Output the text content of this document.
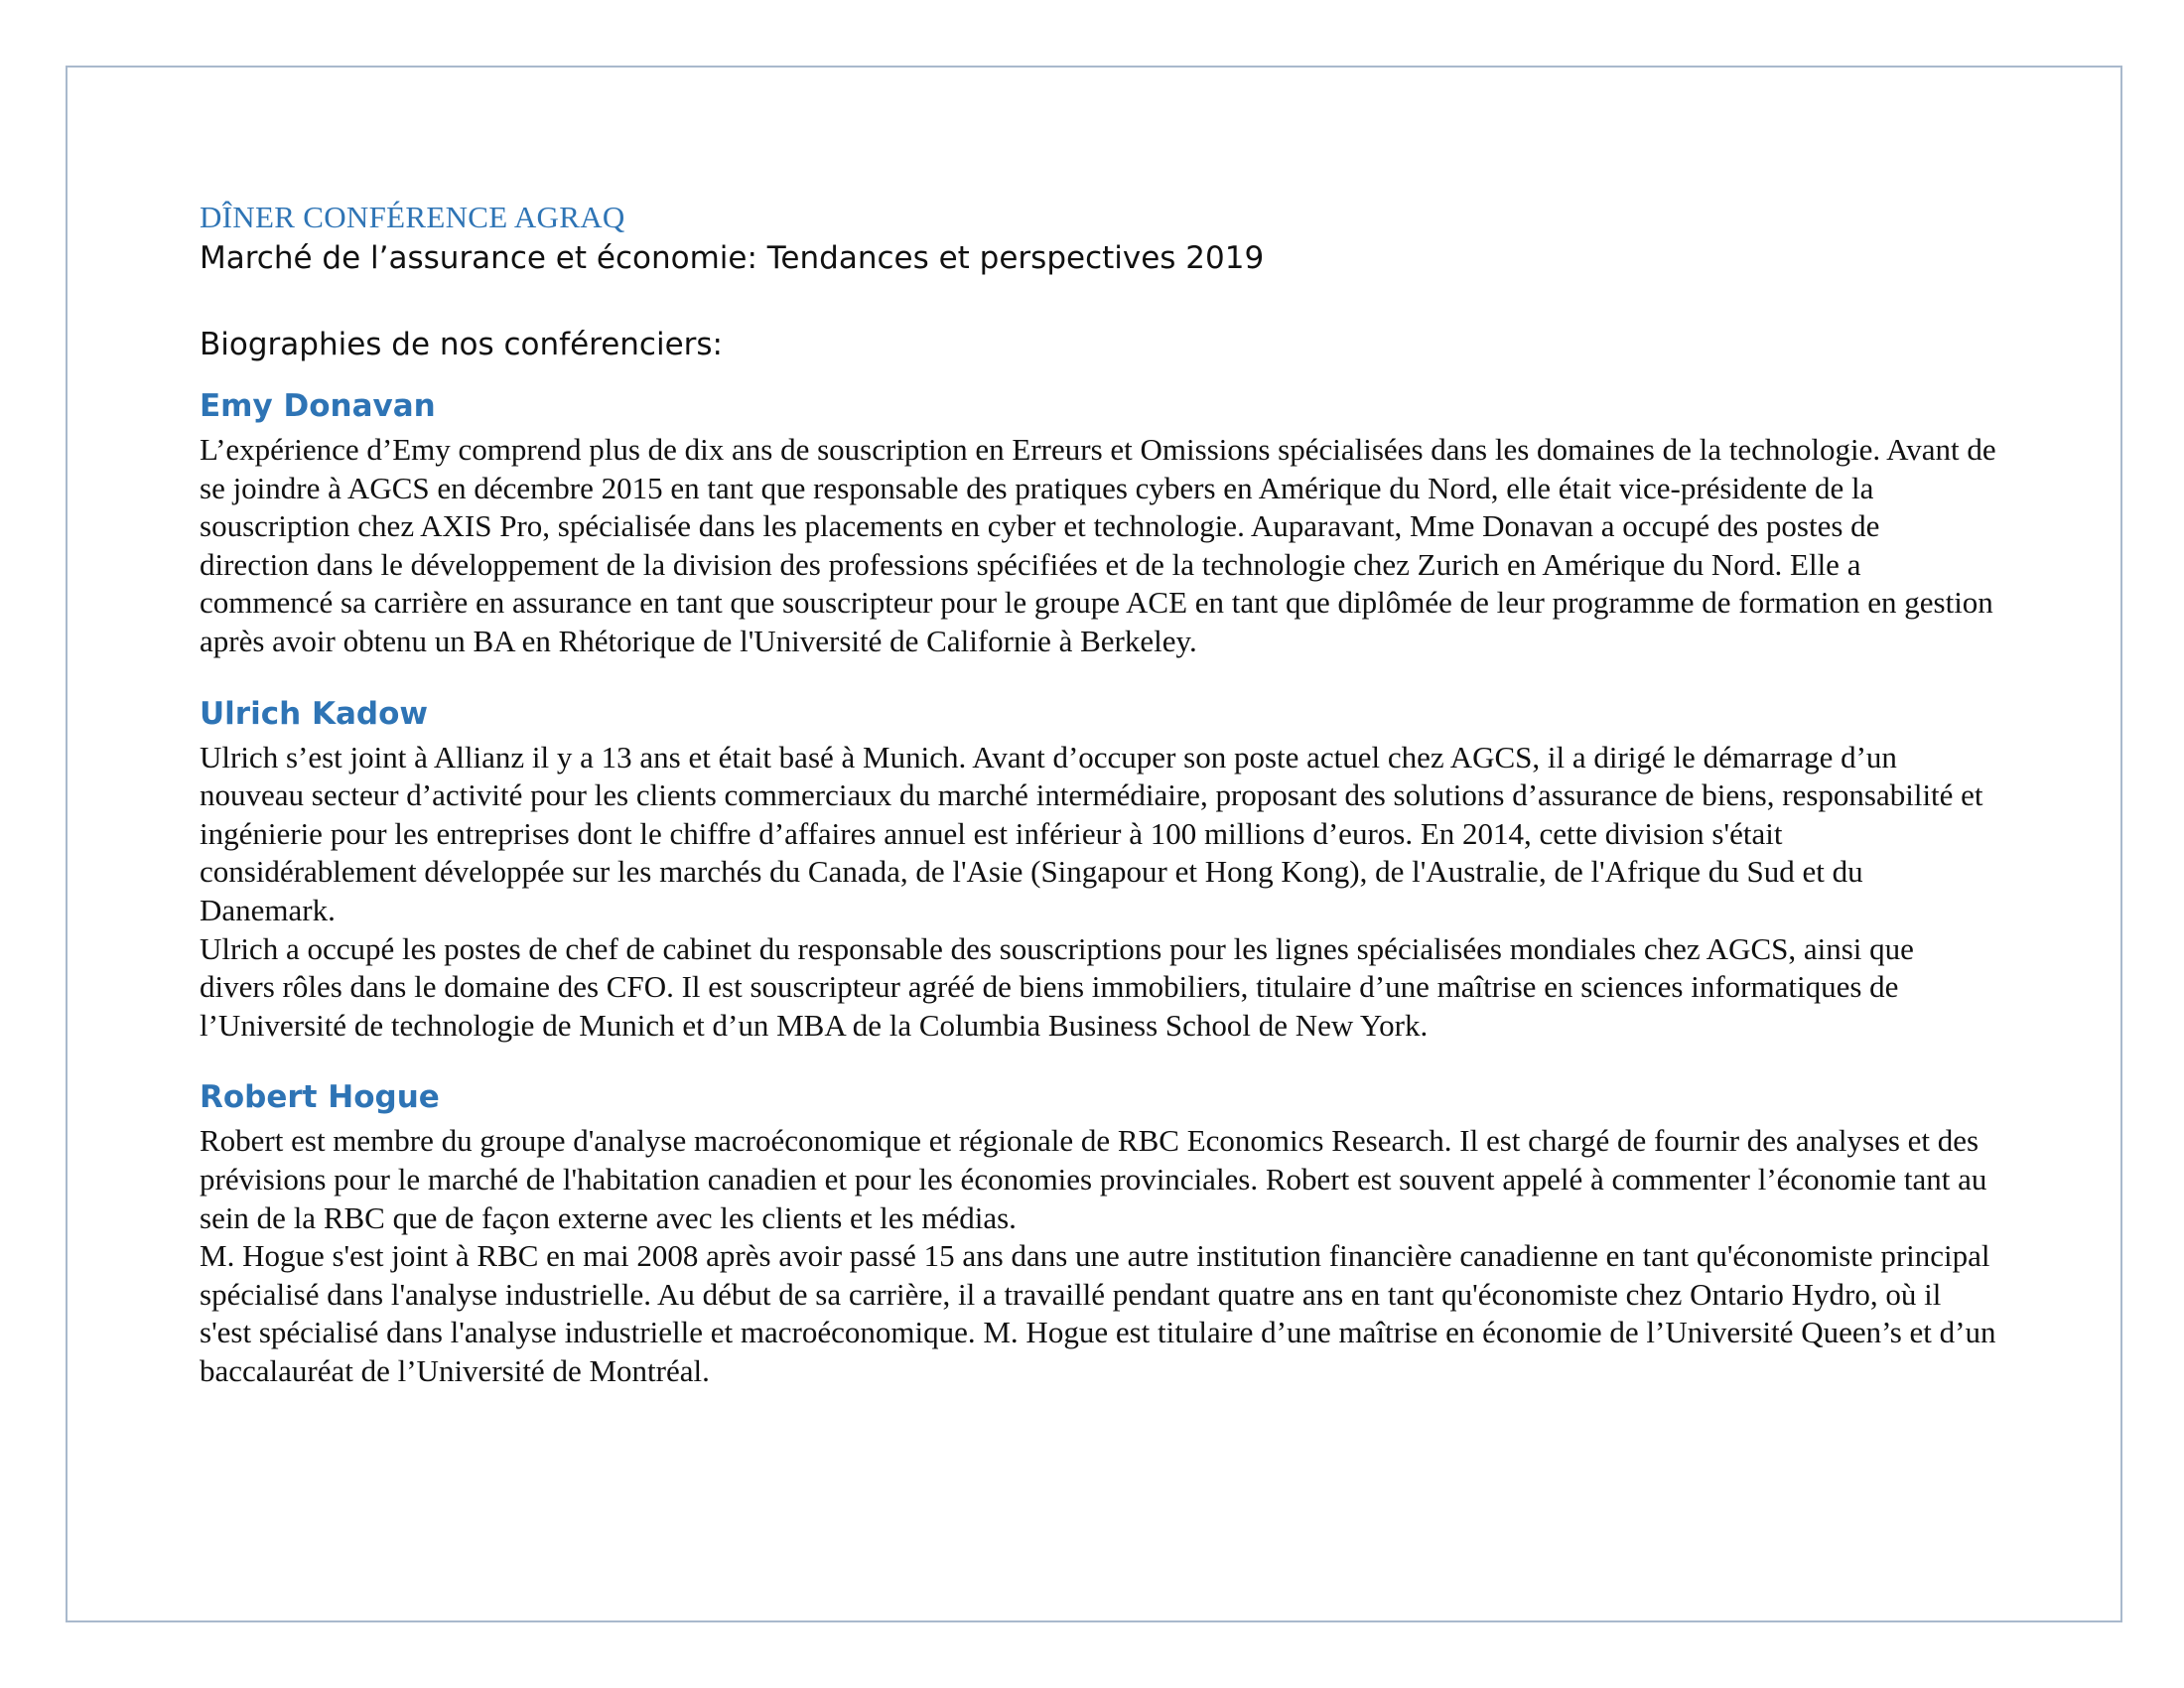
DÎNER CONFÉRENCE AGRAQ

Marché de l’assurance et économie: Tendances et perspectives 2019

Biographies de nos conférenciers:

Emy Donavan

L’expérience d’Emy comprend plus de dix ans de souscription en Erreurs et Omissions spécialisées dans les domaines de la technologie. Avant de se joindre à AGCS en décembre 2015 en tant que responsable des pratiques cybers en Amérique du Nord, elle était vice-présidente de la souscription chez AXIS Pro, spécialisée dans les placements en cyber et technologie. Auparavant, Mme Donavan a occupé des postes de direction dans le développement de la division des professions spécifiées et de la technologie chez Zurich en Amérique du Nord. Elle a commencé sa carrière en assurance en tant que souscripteur pour le groupe ACE en tant que diplômée de leur programme de formation en gestion après avoir obtenu un BA en Rhétorique de l'Université de Californie à Berkeley.

Ulrich Kadow

Ulrich s’est joint à Allianz il y a 13 ans et était basé à Munich. Avant d’occuper son poste actuel chez AGCS, il a dirigé le démarrage d’un nouveau secteur d’activité pour les clients commerciaux du marché intermédiaire, proposant des solutions d’assurance de biens, responsabilité et ingénierie pour les entreprises dont le chiffre d’affaires annuel est inférieur à 100 millions d’euros. En 2014, cette division s'était considérablement développée sur les marchés du Canada, de l'Asie (Singapour et Hong Kong), de l'Australie, de l'Afrique du Sud et du Danemark.

Ulrich a occupé les postes de chef de cabinet du responsable des souscriptions pour les lignes spécialisées mondiales chez AGCS, ainsi que divers rôles dans le domaine des CFO. Il est souscripteur agréé de biens immobiliers, titulaire d’une maîtrise en sciences informatiques de l’Université de technologie de Munich et d’un MBA de la Columbia Business School de New York.

Robert Hogue

Robert est membre du groupe d'analyse macroéconomique et régionale de RBC Economics Research. Il est chargé de fournir des analyses et des prévisions pour le marché de l'habitation canadien et pour les économies provinciales. Robert est souvent appelé à commenter l’économie tant au sein de la RBC que de façon externe avec les clients et les médias.

M. Hogue s'est joint à RBC en mai 2008 après avoir passé 15 ans dans une autre institution financière canadienne en tant qu'économiste principal spécialisé dans l'analyse industrielle. Au début de sa carrière, il a travaillé pendant quatre ans en tant qu'économiste chez Ontario Hydro, où il s'est spécialisé dans l'analyse industrielle et macroéconomique. M. Hogue est titulaire d’une maîtrise en économie de l’Université Queen’s et d’un baccalauréat de l’Université de Montréal.
